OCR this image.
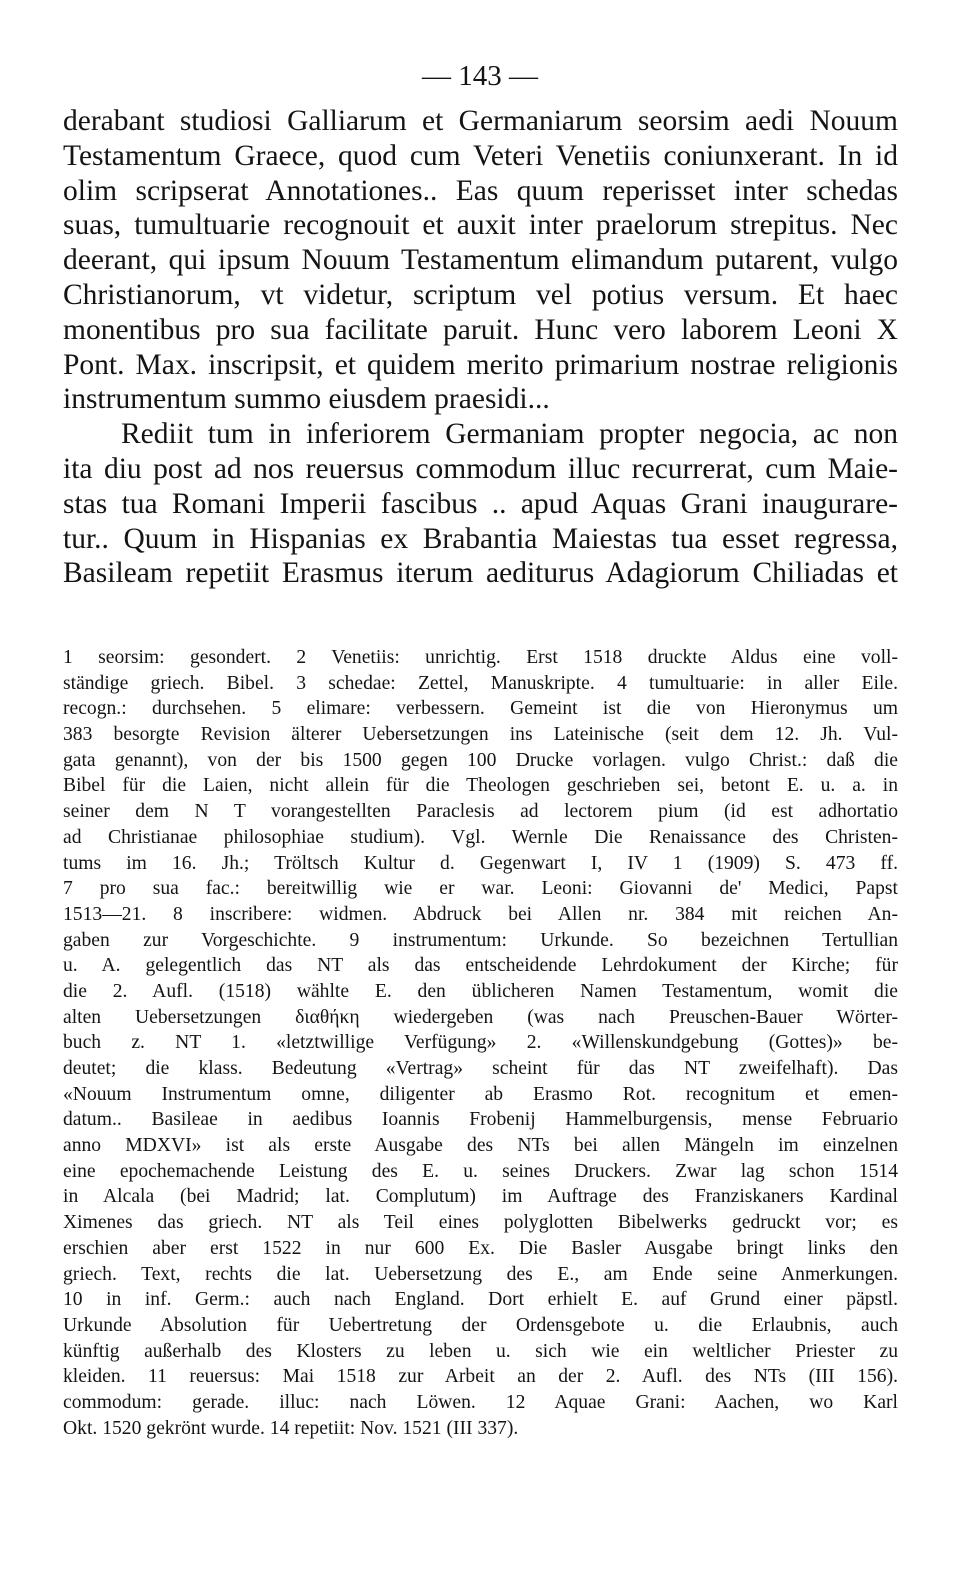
— 143 —
derabant studiosi Galliarum et Germaniarum seorsim aedi Nouum
Testamentum Graece, quod cum Veteri Venetiis coniunxerant. In id
olim scripserat Annotationes.. Eas quum reperisset inter schedas
suas, tumultuarie recognouit et auxit inter praelorum strepitus. Nec
deerant, qui ipsum Nouum Testamentum elimandum putarent, vulgo
Christianorum, vt videtur, scriptum vel potius versum. Et haec
monentibus pro sua facilitate paruit. Hunc vero laborem Leoni X
Pont. Max. inscripsit, et quidem merito primarium nostrae religionis
instrumentum summo eiusdem praesidi...
Rediit tum in inferiorem Germaniam propter negocia, ac non
ita diu post ad nos reuersus commodum illuc recurrerat, cum Maie-
stas tua Romani Imperii fascibus .. apud Aquas Grani inaugurare-
tur.. Quum in Hispanias ex Brabantia Maiestas tua esset regressa,
Basileam repetiit Erasmus iterum aediturus Adagiorum Chiliadas et
1 seorsim: gesondert. 2 Venetiis: unrichtig. Erst 1518 druckte Aldus eine voll-
ständige griech. Bibel. 3 schedae: Zettel, Manuskripte. 4 tumultuarie: in aller Eile.
recogn.: durchsehen. 5 elimare: verbessern. Gemeint ist die von Hieronymus um
383 besorgte Revision älterer Uebersetzungen ins Lateinische (seit dem 12. Jh. Vul-
gata genannt), von der bis 1500 gegen 100 Drucke vorlagen. vulgo Christ.: daß die
Bibel für die Laien, nicht allein für die Theologen geschrieben sei, betont E. u. a. in
seiner dem N T vorangestellten Paraclesis ad lectorem pium (id est adhortatio
ad Christianae philosophiae studium). Vgl. Wernle Die Renaissance des Christen-
tums im 16. Jh.; Tröltsch Kultur d. Gegenwart I, IV 1 (1909) S. 473 ff.
7 pro sua fac.: bereitwillig wie er war. Leoni: Giovanni de' Medici, Papst
1513—21. 8 inscribere: widmen. Abdruck bei Allen nr. 384 mit reichen An-
gaben zur Vorgeschichte. 9 instrumentum: Urkunde. So bezeichnen Tertullian
u. A. gelegentlich das NT als das entscheidende Lehrdokument der Kirche; für
die 2. Aufl. (1518) wählte E. den üblicheren Namen Testamentum, womit die
alten Uebersetzungen διαθήκη wiedergeben (was nach Preuschen-Bauer Wörter-
buch z. NT 1. «letztwillige Verfügung» 2. «Willenskundgebung (Gottes)» be-
deutet; die klass. Bedeutung «Vertrag» scheint für das NT zweifelhaft). Das
«Nouum Instrumentum omne, diligenter ab Erasmo Rot. recognitum et emen-
datum.. Basileae in aedibus Ioannis Frobenij Hammelburgensis, mense Februario
anno MDXVI» ist als erste Ausgabe des NTs bei allen Mängeln im einzelnen
eine epochemachende Leistung des E. u. seines Druckers. Zwar lag schon 1514
in Alcala (bei Madrid; lat. Complutum) im Auftrage des Franziskaners Kardinal
Ximenes das griech. NT als Teil eines polyglotten Bibelwerks gedruckt vor; es
erschien aber erst 1522 in nur 600 Ex. Die Basler Ausgabe bringt links den
griech. Text, rechts die lat. Uebersetzung des E., am Ende seine Anmerkungen.
10 in inf. Germ.: auch nach England. Dort erhielt E. auf Grund einer päpstl.
Urkunde Absolution für Uebertretung der Ordensgebote u. die Erlaubnis, auch
künftig außerhalb des Klosters zu leben u. sich wie ein weltlicher Priester zu
kleiden. 11 reuersus: Mai 1518 zur Arbeit an der 2. Aufl. des NTs (III 156).
commodum: gerade. illuc: nach Löwen. 12 Aquae Grani: Aachen, wo Karl
Okt. 1520 gekrönt wurde. 14 repetiit: Nov. 1521 (III 337).
